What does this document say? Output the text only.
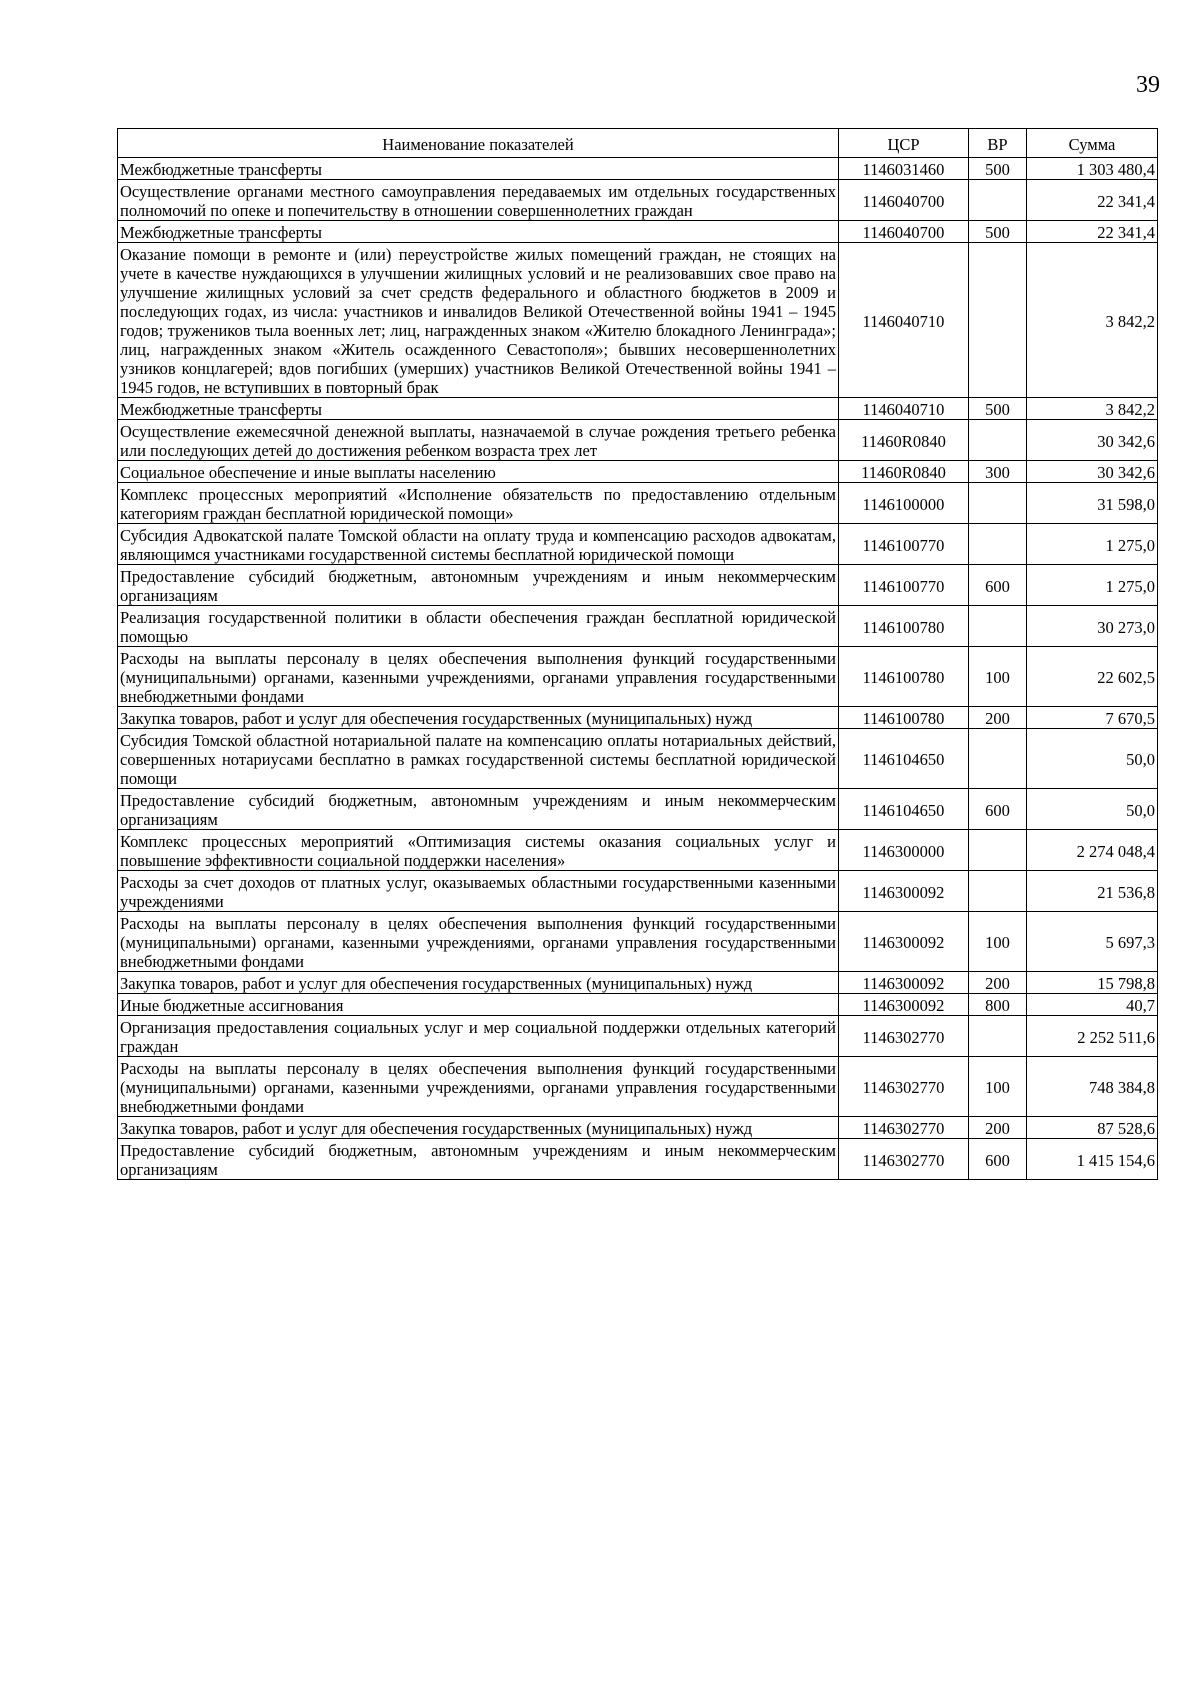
39
Наименование показателей	ЦСР	ВР	Сумма
Межбюджетные трансферты	1146031460	500	1 303 480,4
Осуществление органами местного самоуправления передаваемых им отдельных государственных полномочий по опеке и попечительству в отношении совершеннолетних граждан	1146040700		22 341,4
Межбюджетные трансферты	1146040700	500	22 341,4
Оказание помощи в ремонте и (или) переустройстве жилых помещений граждан, не стоящих на учете в качестве нуждающихся в улучшении жилищных условий и не реализовавших свое право на улучшение жилищных условий за счет средств федерального и областного бюджетов в 2009 и последующих годах, из числа: участников и инвалидов Великой Отечественной войны 1941 – 1945 годов; тружеников тыла военных лет; лиц, награжденных знаком «Жителю блокадного Ленинграда»; лиц, награжденных знаком «Житель осажденного Севастополя»; бывших несовершеннолетних узников концлагерей; вдов погибших (умерших) участников Великой Отечественной войны 1941 – 1945 годов, не вступивших в повторный брак	1146040710		3 842,2
Межбюджетные трансферты	1146040710	500	3 842,2
Осуществление ежемесячной денежной выплаты, назначаемой в случае рождения третьего ребенка или последующих детей до достижения ребенком возраста трех лет	11460R0840		30 342,6
Социальное обеспечение и иные выплаты населению	11460R0840	300	30 342,6
Комплекс процессных мероприятий «Исполнение обязательств по предоставлению отдельным категориям граждан бесплатной юридической помощи»	1146100000		31 598,0
Субсидия Адвокатской палате Томской области на оплату труда и компенсацию расходов адвокатам, являющимся участниками государственной системы бесплатной юридической помощи	1146100770		1 275,0
Предоставление субсидий бюджетным, автономным учреждениям и иным некоммерческим организациям	1146100770	600	1 275,0
Реализация государственной политики в области обеспечения граждан бесплатной юридической помощью	1146100780		30 273,0
Расходы на выплаты персоналу в целях обеспечения выполнения функций государственными (муниципальными) органами, казенными учреждениями, органами управления государственными внебюджетными фондами	1146100780	100	22 602,5
Закупка товаров, работ и услуг для обеспечения государственных (муниципальных) нужд	1146100780	200	7 670,5
Субсидия Томской областной нотариальной палате на компенсацию оплаты нотариальных действий, совершенных нотариусами бесплатно в рамках государственной системы бесплатной юридической помощи	1146104650		50,0
Предоставление субсидий бюджетным, автономным учреждениям и иным некоммерческим организациям	1146104650	600	50,0
Комплекс процессных мероприятий «Оптимизация системы оказания социальных услуг и повышение эффективности социальной поддержки населения»	1146300000		2 274 048,4
Расходы за счет доходов от платных услуг, оказываемых областными государственными казенными учреждениями	1146300092		21 536,8
Расходы на выплаты персоналу в целях обеспечения выполнения функций государственными (муниципальными) органами, казенными учреждениями, органами управления государственными внебюджетными фондами	1146300092	100	5 697,3
Закупка товаров, работ и услуг для обеспечения государственных (муниципальных) нужд	1146300092	200	15 798,8
Иные бюджетные ассигнования	1146300092	800	40,7
Организация предоставления социальных услуг и мер социальной поддержки отдельных категорий граждан	1146302770		2 252 511,6
Расходы на выплаты персоналу в целях обеспечения выполнения функций государственными (муниципальными) органами, казенными учреждениями, органами управления государственными внебюджетными фондами	1146302770	100	748 384,8
Закупка товаров, работ и услуг для обеспечения государственных (муниципальных) нужд	1146302770	200	87 528,6
Предоставление субсидий бюджетным, автономным учреждениям и иным некоммерческим организациям	1146302770	600	1 415 154,6
